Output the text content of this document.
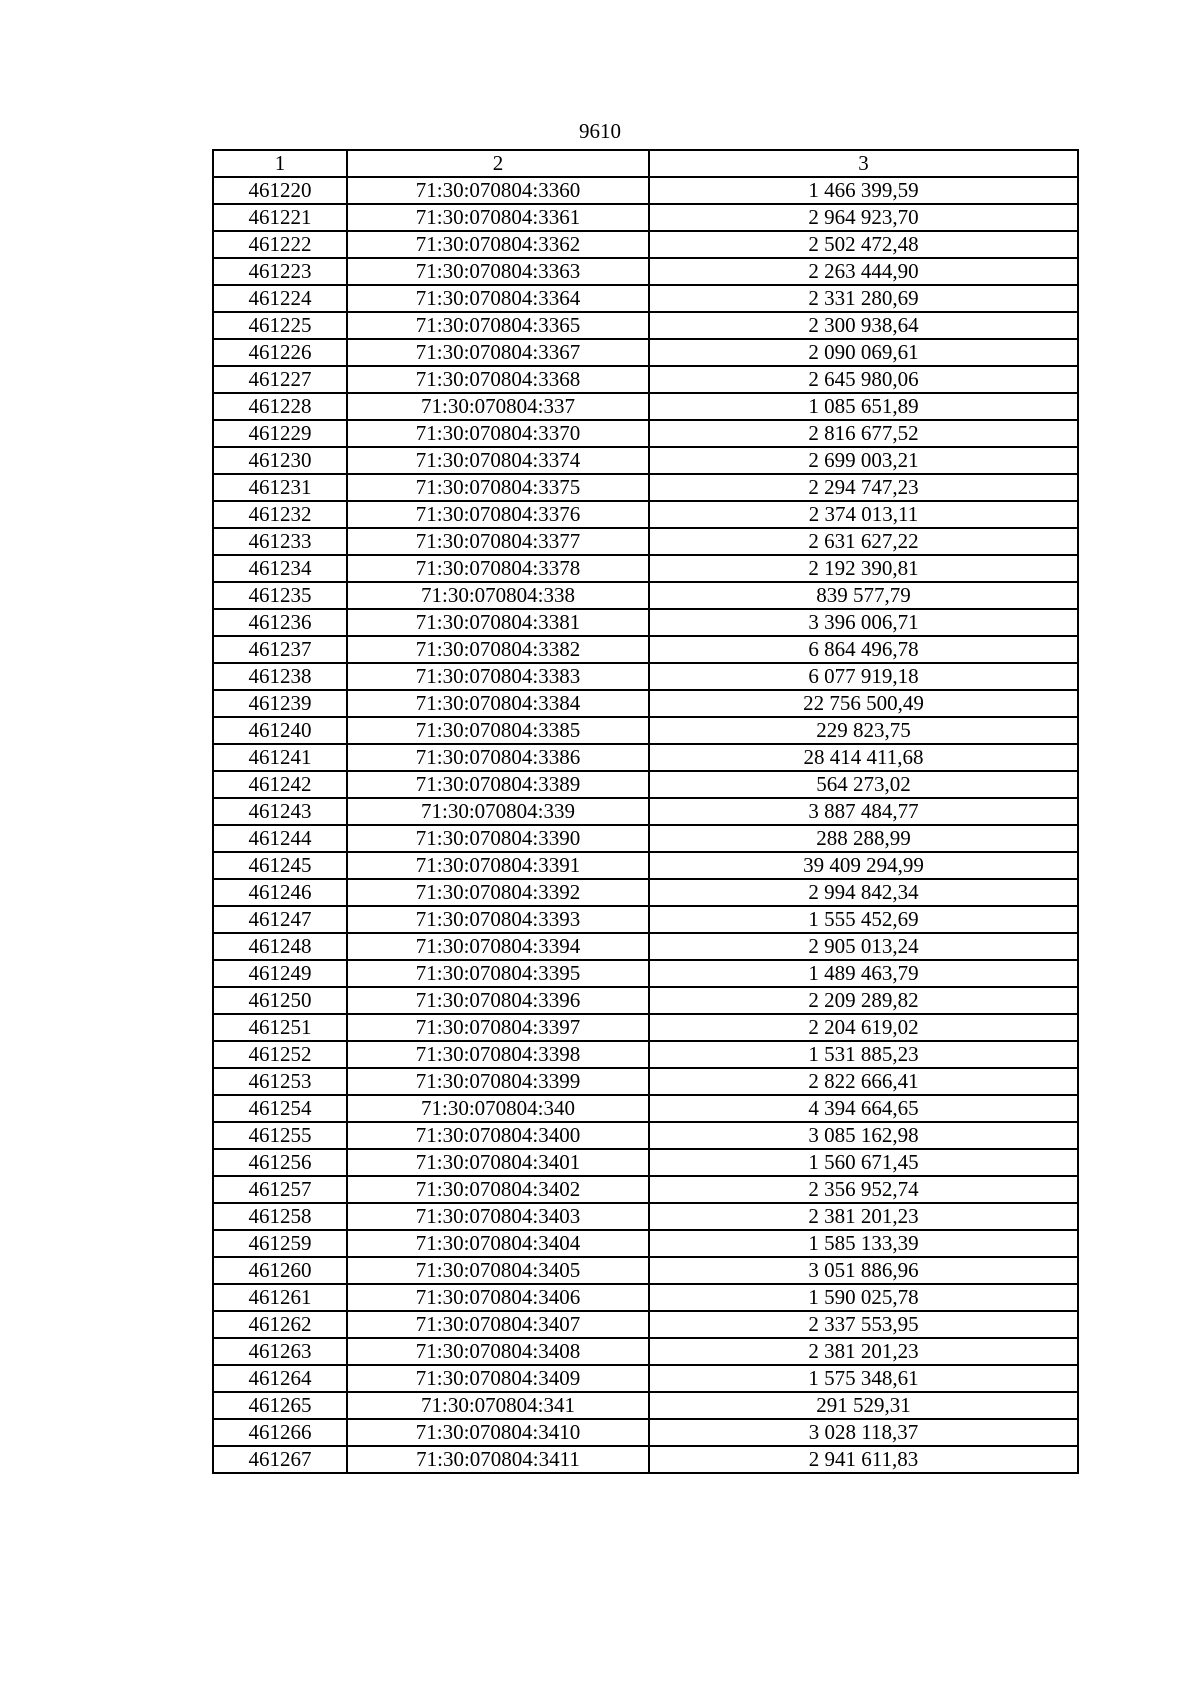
9610
1	2	3
461220	71:30:070804:3360	1 466 399,59
461221	71:30:070804:3361	2 964 923,70
461222	71:30:070804:3362	2 502 472,48
461223	71:30:070804:3363	2 263 444,90
461224	71:30:070804:3364	2 331 280,69
461225	71:30:070804:3365	2 300 938,64
461226	71:30:070804:3367	2 090 069,61
461227	71:30:070804:3368	2 645 980,06
461228	71:30:070804:337	1 085 651,89
461229	71:30:070804:3370	2 816 677,52
461230	71:30:070804:3374	2 699 003,21
461231	71:30:070804:3375	2 294 747,23
461232	71:30:070804:3376	2 374 013,11
461233	71:30:070804:3377	2 631 627,22
461234	71:30:070804:3378	2 192 390,81
461235	71:30:070804:338	839 577,79
461236	71:30:070804:3381	3 396 006,71
461237	71:30:070804:3382	6 864 496,78
461238	71:30:070804:3383	6 077 919,18
461239	71:30:070804:3384	22 756 500,49
461240	71:30:070804:3385	229 823,75
461241	71:30:070804:3386	28 414 411,68
461242	71:30:070804:3389	564 273,02
461243	71:30:070804:339	3 887 484,77
461244	71:30:070804:3390	288 288,99
461245	71:30:070804:3391	39 409 294,99
461246	71:30:070804:3392	2 994 842,34
461247	71:30:070804:3393	1 555 452,69
461248	71:30:070804:3394	2 905 013,24
461249	71:30:070804:3395	1 489 463,79
461250	71:30:070804:3396	2 209 289,82
461251	71:30:070804:3397	2 204 619,02
461252	71:30:070804:3398	1 531 885,23
461253	71:30:070804:3399	2 822 666,41
461254	71:30:070804:340	4 394 664,65
461255	71:30:070804:3400	3 085 162,98
461256	71:30:070804:3401	1 560 671,45
461257	71:30:070804:3402	2 356 952,74
461258	71:30:070804:3403	2 381 201,23
461259	71:30:070804:3404	1 585 133,39
461260	71:30:070804:3405	3 051 886,96
461261	71:30:070804:3406	1 590 025,78
461262	71:30:070804:3407	2 337 553,95
461263	71:30:070804:3408	2 381 201,23
461264	71:30:070804:3409	1 575 348,61
461265	71:30:070804:341	291 529,31
461266	71:30:070804:3410	3 028 118,37
461267	71:30:070804:3411	2 941 611,83
